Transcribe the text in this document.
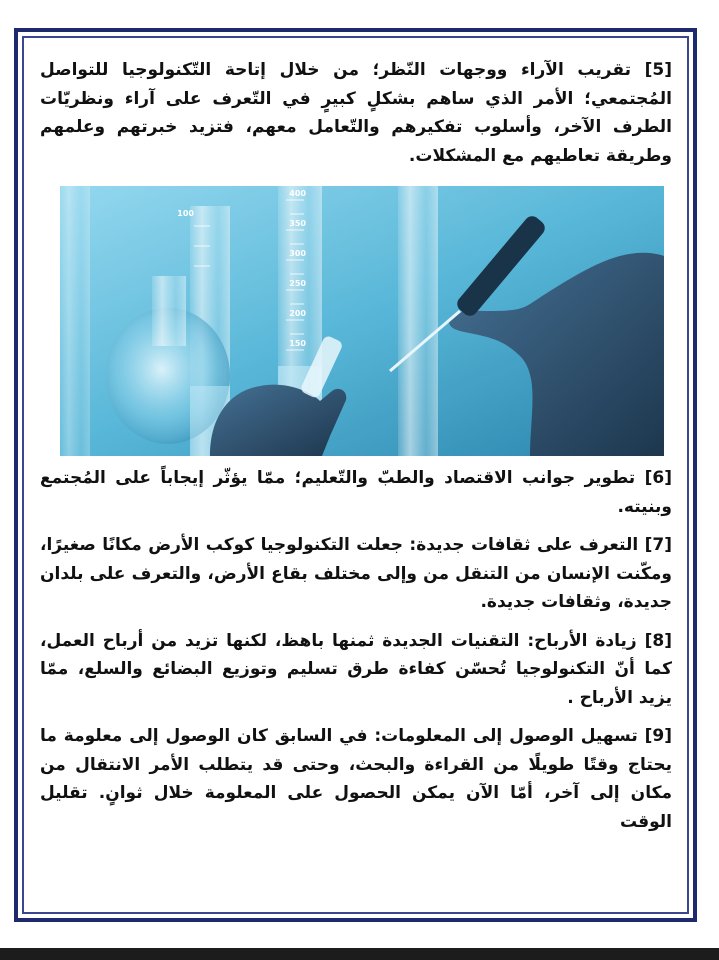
[5] تقريب الآراء ووجهات النّظر؛ من خلال إتاحة التّكنولوجيا للتواصل المُجتمعي؛ الأمر الذي ساهم بشكلٍ كبيرٍ في التّعرف على آراء ونظريّات الطرف الآخر، وأسلوب تفكيرهم والتّعامل معهم، فتزيد خبرتهم وعلمهم وطريقة تعاطيهم مع المشكلات.

100
400
350
300
250
200
150

[6] تطوير جوانب الاقتصاد والطبّ والتّعليم؛ ممّا يؤثّر إيجاباً على المُجتمع وبنيته.

[7] التعرف على ثقافات جديدة: جعلت التكنولوجيا كوكب الأرض مكانًا صغيرًا، ومكّنت الإنسان من التنقل من وإلى مختلف بقاع الأرض، والتعرف على بلدان جديدة، وثقافات جديدة.

[8] زيادة الأرباح: التقنيات الجديدة ثمنها باهظ، لكنها تزيد من أرباح العمل، كما أنّ التكنولوجيا تُحسّن كفاءة طرق تسليم وتوزيع البضائع والسلع، ممّا يزيد الأرباح .

[9] تسهيل الوصول إلى المعلومات: في السابق كان الوصول إلى معلومة ما يحتاج وقتًا طويلًا من القراءة والبحث، وحتى قد يتطلب الأمر الانتقال من مكان إلى آخر، أمّا الآن يمكن الحصول على المعلومة خلال ثوانٍ. تقليل الوقت
